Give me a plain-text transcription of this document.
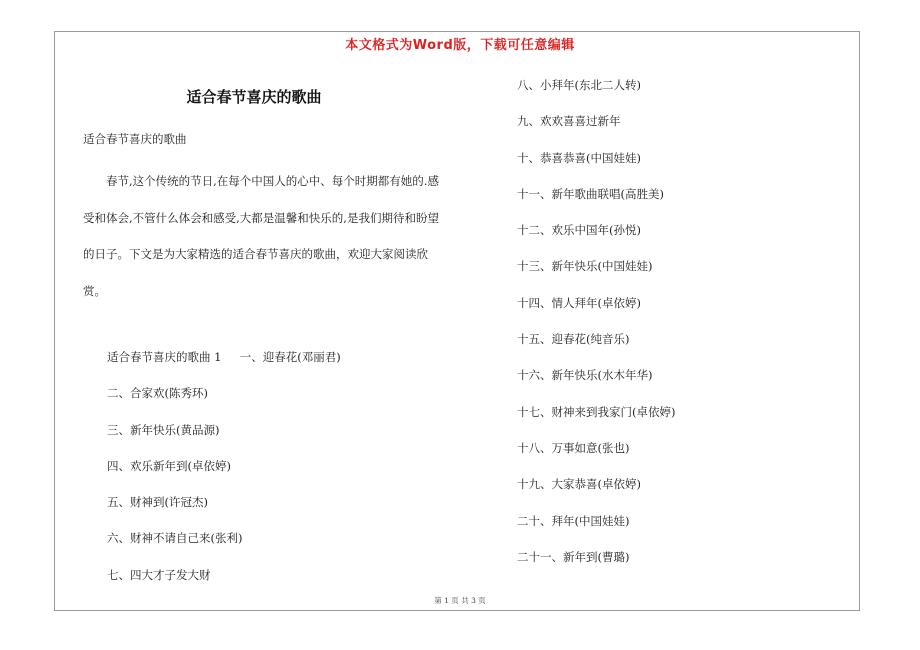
本文格式为Word版，下载可任意编辑
适合春节喜庆的歌曲
适合春节喜庆的歌曲

春节,这个传统的节日,在每个中国人的心中、每个时期都有她的.感受和体会,不管什么体会和感受,大都是温馨和快乐的,是我们期待和盼望的日子。下文是为大家精选的适合春节喜庆的歌曲，欢迎大家阅读欣赏。

适合春节喜庆的歌曲 1     一、迎春花(邓丽君)
二、合家欢(陈秀环)
三、新年快乐(黄品源)
四、欢乐新年到(卓依婷)
五、财神到(许冠杰)
六、财神不请自己来(张利)
七、四大才子发大财
八、小拜年(东北二人转)
九、欢欢喜喜过新年
十、恭喜恭喜(中国娃娃)
十一、新年歌曲联唱(高胜美)
十二、欢乐中国年(孙悦)
十三、新年快乐(中国娃娃)
十四、情人拜年(卓依婷)
十五、迎春花(纯音乐)
十六、新年快乐(水木年华)
十七、财神来到我家门(卓依婷)
十八、万事如意(张也)
十九、大家恭喜(卓依婷)
二十、拜年(中国娃娃)
二十一、新年到(曹璐)
第 1 页 共 3 页
